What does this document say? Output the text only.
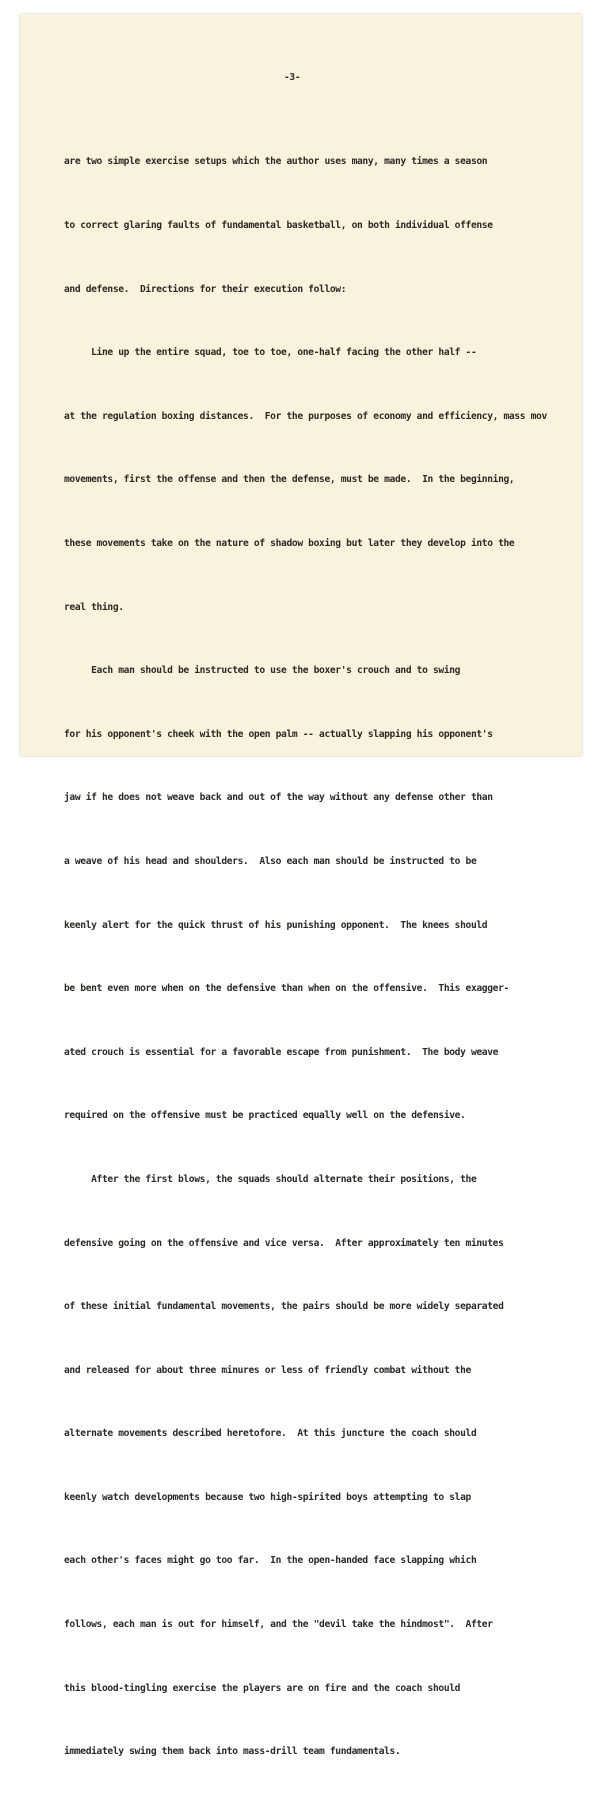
-3-

are two simple exercise setups which the author uses many, many times a season

to correct glaring faults of fundamental basketball, on both individual offense

and defense.  Directions for their execution follow:

Line up the entire squad, toe to toe, one-half facing the other half --

at the regulation boxing distances.  For the purposes of economy and efficiency, mass mov

movements, first the offense and then the defense, must be made.  In the beginning,

these movements take on the nature of shadow boxing but later they develop into the

real thing.

Each man should be instructed to use the boxer's crouch and to swing

for his opponent's cheek with the open palm -- actually slapping his opponent's

jaw if he does not weave back and out of the way without any defense other than

a weave of his head and shoulders.  Also each man should be instructed to be

keenly alert for the quick thrust of his punishing opponent.  The knees should

be bent even more when on the defensive than when on the offensive.  This exagger-

ated crouch is essential for a favorable escape from punishment.  The body weave

required on the offensive must be practiced equally well on the defensive.

After the first blows, the squads should alternate their positions, the

defensive going on the offensive and vice versa.  After approximately ten minutes

of these initial fundamental movements, the pairs should be more widely separated

and released for about three minures or less of friendly combat without the

alternate movements described heretofore.  At this juncture the coach should

keenly watch developments because two high-spirited boys attempting to slap

each other's faces might go too far.  In the open-handed face slapping which

follows, each man is out for himself, and the "devil take the hindmost".  After

this blood-tingling exercise the players are on fire and the coach should

immediately swing them back into mass-drill team fundamentals.
